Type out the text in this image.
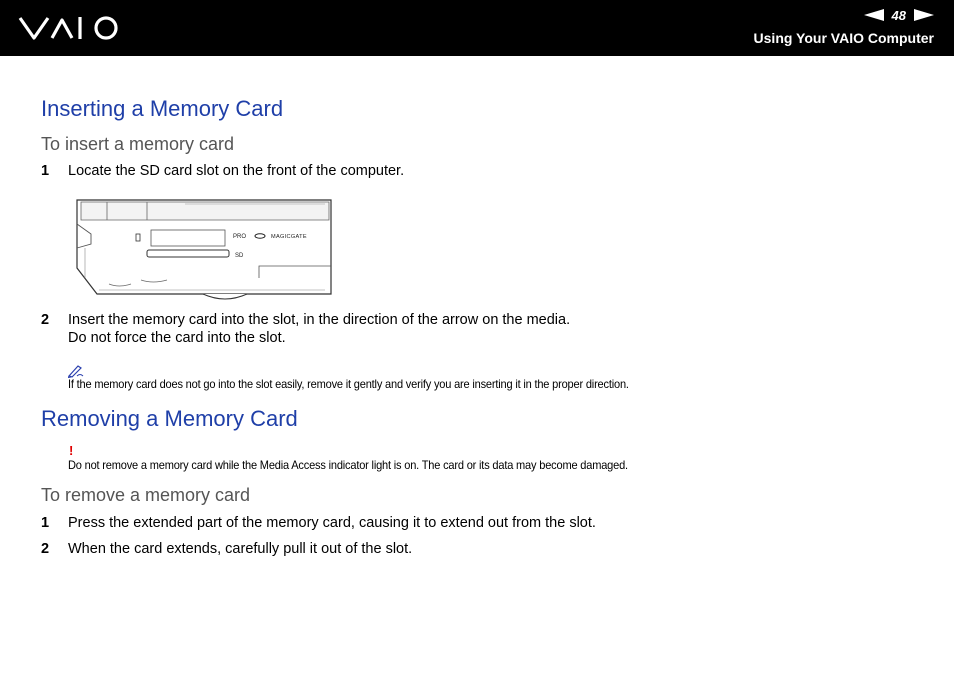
48
Using Your VAIO Computer
Inserting a Memory Card
To insert a memory card
1 Locate the SD card slot on the front of the computer.
PRO	MAGICGATE
SD
2 Insert the memory card into the slot, in the direction of the arrow on the media.
Do not force the card into the slot.
If the memory card does not go into the slot easily, remove it gently and verify you are inserting it in the proper direction.
Removing a Memory Card
!
Do not remove a memory card while the Media Access indicator light is on. The card or its data may become damaged.
To remove a memory card
1 Press the extended part of the memory card, causing it to extend out from the slot.
2 When the card extends, carefully pull it out of the slot.
